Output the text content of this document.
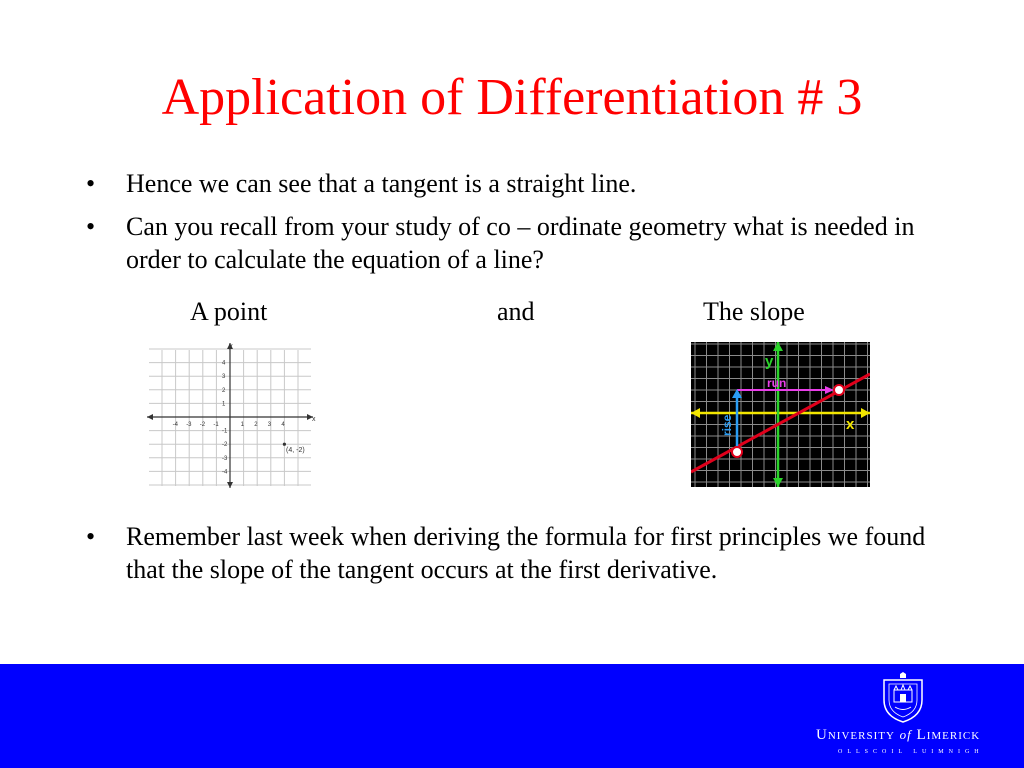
Application of Differentiation # 3
• Hence we can see that a tangent is a straight line.
• Can you recall from your study of co – ordinate geometry what is needed in order to calculate the equation of a line?
A point	and	The slope
-4 -3 -2 -1	1 2 3 4
4
3
2
1
-1
-2
-3
-4
x
y
(4, -2)
y
x
run
rise
• Remember last week when deriving the formula for first principles we found that the slope of the tangent occurs at the first derivative.
UNIVERSITY of LIMERICK
OLLSCOIL LUIMNIGH
